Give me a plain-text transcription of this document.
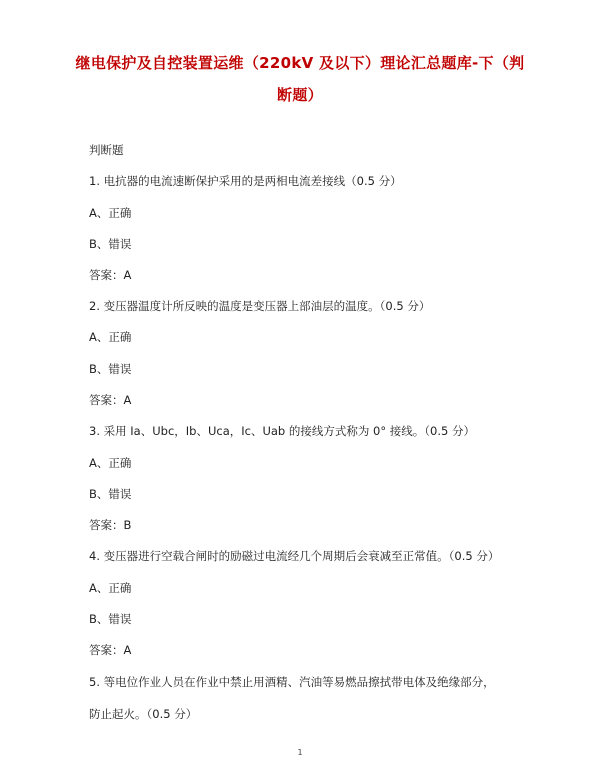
继电保护及自控装置运维（220kV 及以下）理论汇总题库-下（判
断题）
判断题
1. 电抗器的电流速断保护采用的是两相电流差接线（0.5 分）
A、正确
B、错误
答案：A
2. 变压器温度计所反映的温度是变压器上部油层的温度。（0.5 分）
A、正确
B、错误
答案：A
3. 采用 Ia、Ubc，Ib、Uca，Ic、Uab 的接线方式称为 0° 接线。（0.5 分）
A、正确
B、错误
答案：B
4. 变压器进行空载合闸时的励磁过电流经几个周期后会衰减至正常值。（0.5 分）
A、正确
B、错误
答案：A
5. 等电位作业人员在作业中禁止用酒精、汽油等易燃品擦拭带电体及绝缘部分，
防止起火。（0.5 分）
1
